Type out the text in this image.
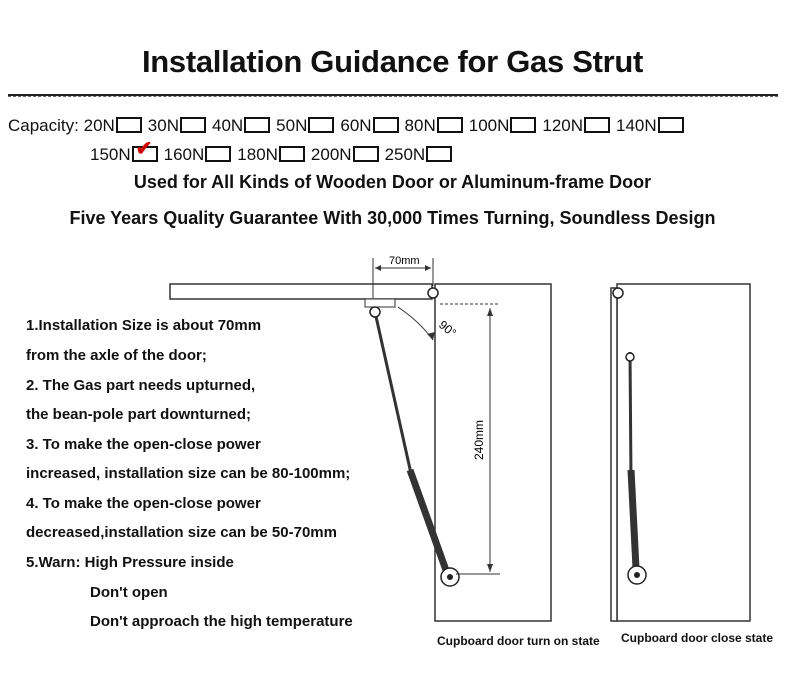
Installation Guidance for Gas Strut
Capacity: 20N 30N 40N 50N 60N 80N 100N 120N 140N
150N ✔ 160N 180N 200N 250N
Used for All Kinds of Wooden Door or Aluminum-frame Door
Five Years Quality Guarantee With 30,000 Times Turning, Soundless Design
1.Installation Size is about 70mm
from the axle of the door;
2. The Gas part needs upturned,
the bean-pole part downturned;
3. To make the open-close power
increased, installation size can be 80-100mm;
4. To make the open-close power
decreased,installation size can be 50-70mm
5.Warn: High Pressure inside
Don't open
Don't approach the high temperature
90°
70mm
240mm
Cupboard door turn on state Cupboard door close state
